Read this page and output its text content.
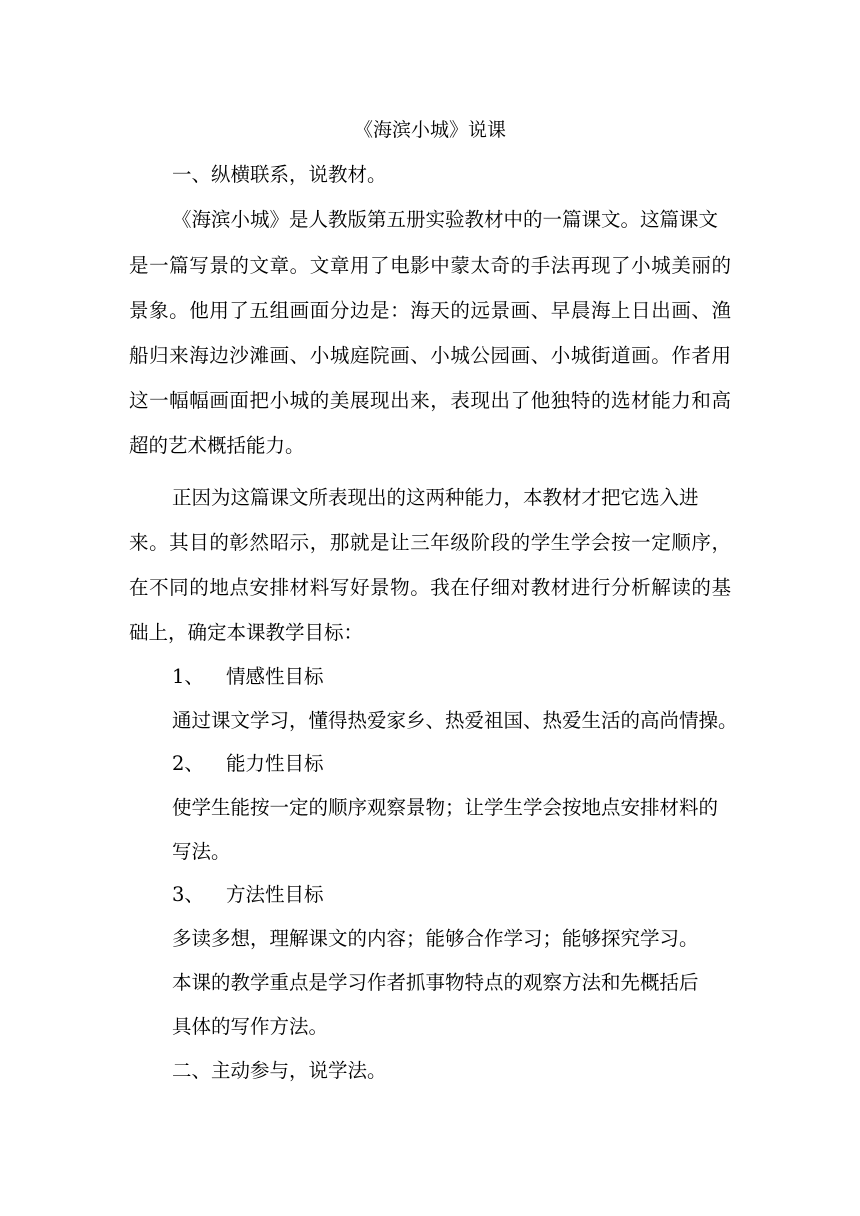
《海滨小城》说课
一、纵横联系，说教材。
《海滨小城》是人教版第五册实验教材中的一篇课文。这篇课文
是一篇写景的文章。文章用了电影中蒙太奇的手法再现了小城美丽的
景象。他用了五组画面分边是：海天的远景画、早晨海上日出画、渔
船归来海边沙滩画、小城庭院画、小城公园画、小城街道画。作者用
这一幅幅画面把小城的美展现出来，表现出了他独特的选材能力和高
超的艺术概括能力。
正因为这篇课文所表现出的这两种能力，本教材才把它选入进
来。其目的彰然昭示，那就是让三年级阶段的学生学会按一定顺序，
在不同的地点安排材料写好景物。我在仔细对教材进行分析解读的基
础上，确定本课教学目标：
1、 情感性目标
通过课文学习，懂得热爱家乡、热爱祖国、热爱生活的高尚情操。
2、 能力性目标
使学生能按一定的顺序观察景物；让学生学会按地点安排材料的
写法。
3、 方法性目标
多读多想，理解课文的内容；能够合作学习；能够探究学习。
本课的教学重点是学习作者抓事物特点的观察方法和先概括后
具体的写作方法。
二、主动参与，说学法。
